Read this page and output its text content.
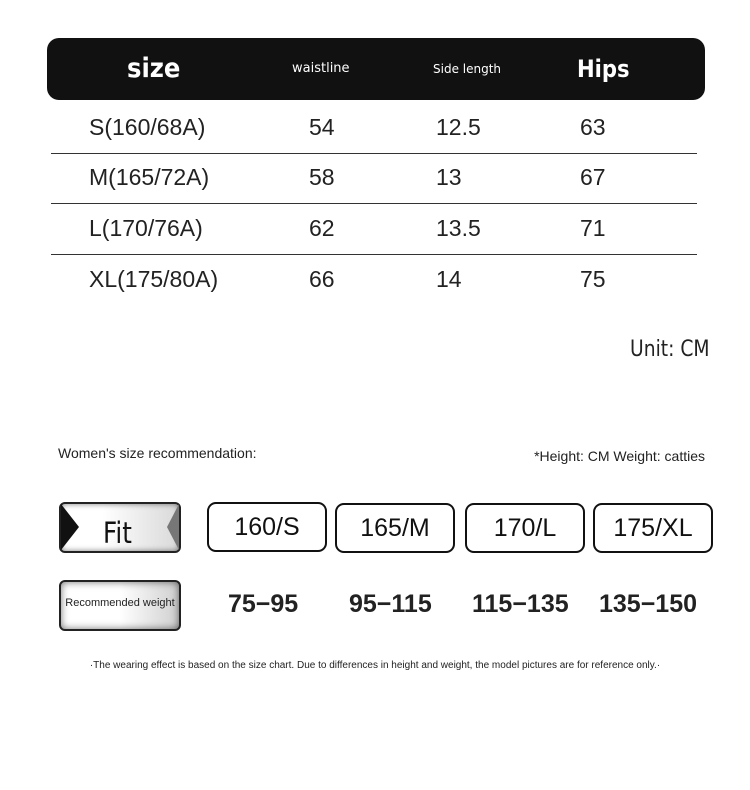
size	waistline	Side length	Hips
S(160/68A)	54	12.5	63
M(165/72A)	58	13	67
L(170/76A)	62	13.5	71
XL(175/80A)	66	14	75
Unit: CM
Women's size recommendation:	*Height: CM Weight: catties
Fit	160/S	165/M	170/L	175/XL
Recommended weight 75−95 95−115 115−135 135−150
·The wearing effect is based on the size chart. Due to differences in height and weight, the model pictures are for reference only.·
